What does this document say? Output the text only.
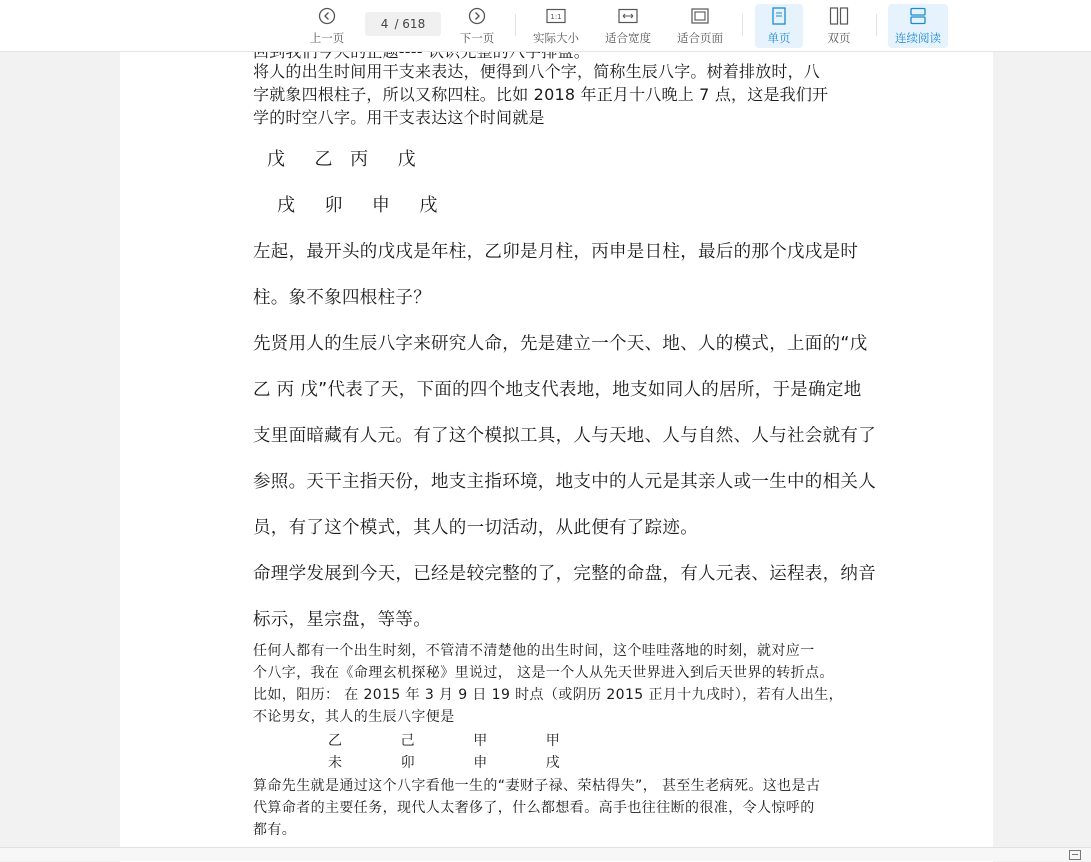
上一页
4 / 618
下一页
1:1
实际大小 适合宽度 适合页面	单页	双页	连续阅读
将人的出生时间用干支来表达，便得到八个字，简称生辰八字。树着排放时，八
字就象四根柱子，所以又称四柱。比如 2018 年正月十八晚上 7 点，这是我们开
学的时空八字。用干支表达这个时间就是
戊  乙 丙  戊
戌  卯  申  戌
左起，最开头的戊戌是年柱，乙卯是月柱，丙申是日柱，最后的那个戊戌是时
柱。象不象四根柱子？
先贤用人的生辰八字来研究人命，先是建立一个天、地、人的模式，上面的“戊
乙 丙 戊”代表了天，下面的四个地支代表地，地支如同人的居所，于是确定地
支里面暗藏有人元。有了这个模拟工具，人与天地、人与自然、人与社会就有了
参照。天干主指天份，地支主指环境，地支中的人元是其亲人或一生中的相关人
员，有了这个模式，其人的一切活动，从此便有了踪迹。
命理学发展到今天，已经是较完整的了，完整的命盘，有人元表、运程表，纳音
标示，星宗盘，等等。
任何人都有一个出生时刻，不管清不清楚他的出生时间，这个哇哇落地的时刻，就对应一
个八字，我在《命理玄机探秘》里说过， 这是一个人从先天世界进入到后天世界的转折点。
比如，阳历： 在 2015 年 3 月 9 日 19 时点（或阴历 2015 正月十九戌时），若有人出生，
不论男女，其人的生辰八字便是
乙            己            甲            甲
未            卯            申            戌
算命先生就是通过这个八字看他一生的“妻财子禄、荣枯得失”， 甚至生老病死。这也是古
代算命者的主要任务，现代人太奢侈了，什么都想看。高手也往往断的很准，令人惊呼的
都有。
